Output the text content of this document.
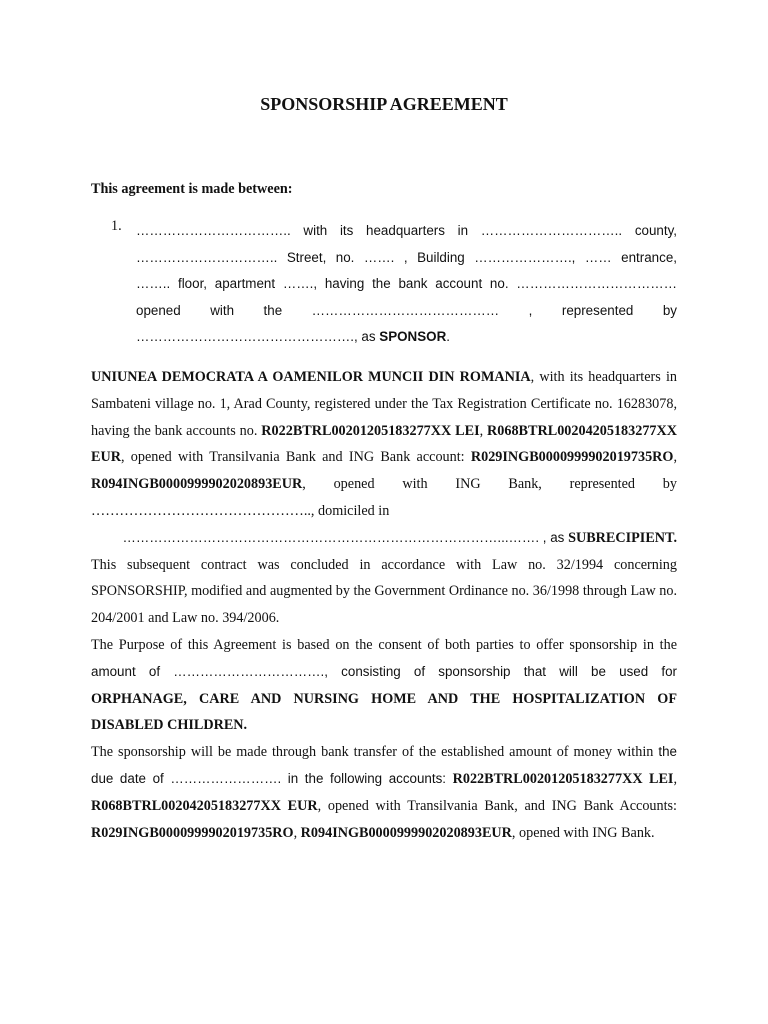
SPONSORSHIP AGREEMENT

This agreement is made between:

1. …………………………….. with its headquarters in ………………………….. county,
………………………….. Street, no. ……. , Building …………………., …… entrance,
…….. floor, apartment ……., having the bank account no. ………………………………
opened with the …………………………………… , represented by
…………………………………………., as SPONSOR.

UNIUNEA DEMOCRATA A OAMENILOR MUNCII DIN ROMANIA, with its headquarters in Sambateni village no. 1, Arad County, registered under the Tax Registration Certificate no. 16283078, having the bank accounts no. R022BTRL00201205183277XX LEI, R068BTRL00204205183277XX EUR, opened with Transilvania Bank and ING Bank account: R029INGB0000999902019735RO, R094INGB0000999902020893EUR, opened with ING Bank, represented by ……………………………………….., domiciled in

…………………………………………………………………………...……. , as SUBRECIPIENT.

This subsequent contract was concluded in accordance with Law no. 32/1994 concerning SPONSORSHIP, modified and augmented by the Government Ordinance no. 36/1998 through Law no. 204/2001 and Law no. 394/2006.

The Purpose of this Agreement is based on the consent of both parties to offer sponsorship in the amount of ……………………………., consisting of sponsorship that will be used for ORPHANAGE, CARE AND NURSING HOME AND THE HOSPITALIZATION OF DISABLED CHILDREN.

The sponsorship will be made through bank transfer of the established amount of money within the due date of ……………………. in the following accounts: R022BTRL00201205183277XX LEI, R068BTRL00204205183277XX EUR, opened with Transilvania Bank, and ING Bank Accounts: R029INGB0000999902019735RO, R094INGB0000999902020893EUR, opened with ING Bank.
